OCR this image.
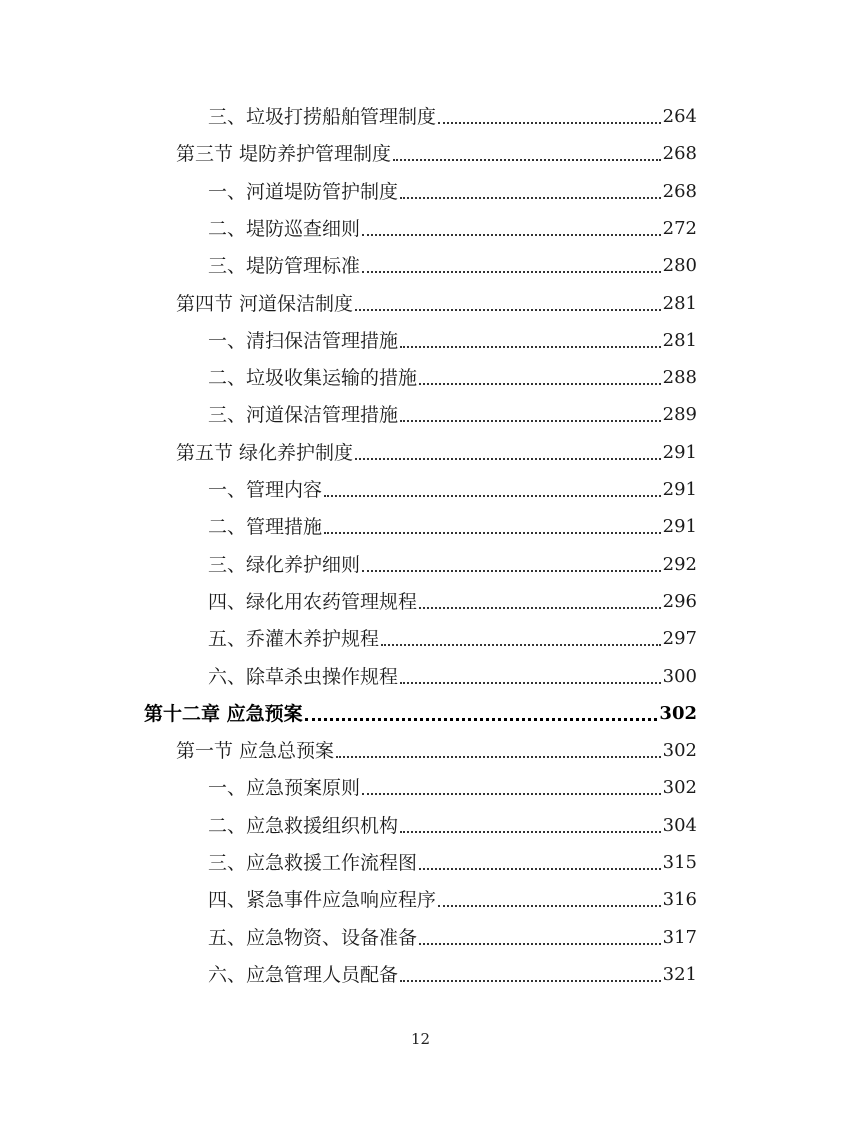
三、垃圾打捞船舶管理制度	264
第三节 堤防养护管理制度	268
一、河道堤防管护制度	268
二、堤防巡查细则	272
三、堤防管理标准	280
第四节 河道保洁制度	281
一、清扫保洁管理措施	281
二、垃圾收集运输的措施	288
三、河道保洁管理措施	289
第五节 绿化养护制度	291
一、管理内容	291
二、管理措施	291
三、绿化养护细则	292
四、绿化用农药管理规程	296
五、乔灌木养护规程	297
六、除草杀虫操作规程	300
第十二章 应急预案	302
第一节 应急总预案	302
一、应急预案原则	302
二、应急救援组织机构	304
三、应急救援工作流程图	315
四、紧急事件应急响应程序	316
五、应急物资、设备准备	317
六、应急管理人员配备	321
12
